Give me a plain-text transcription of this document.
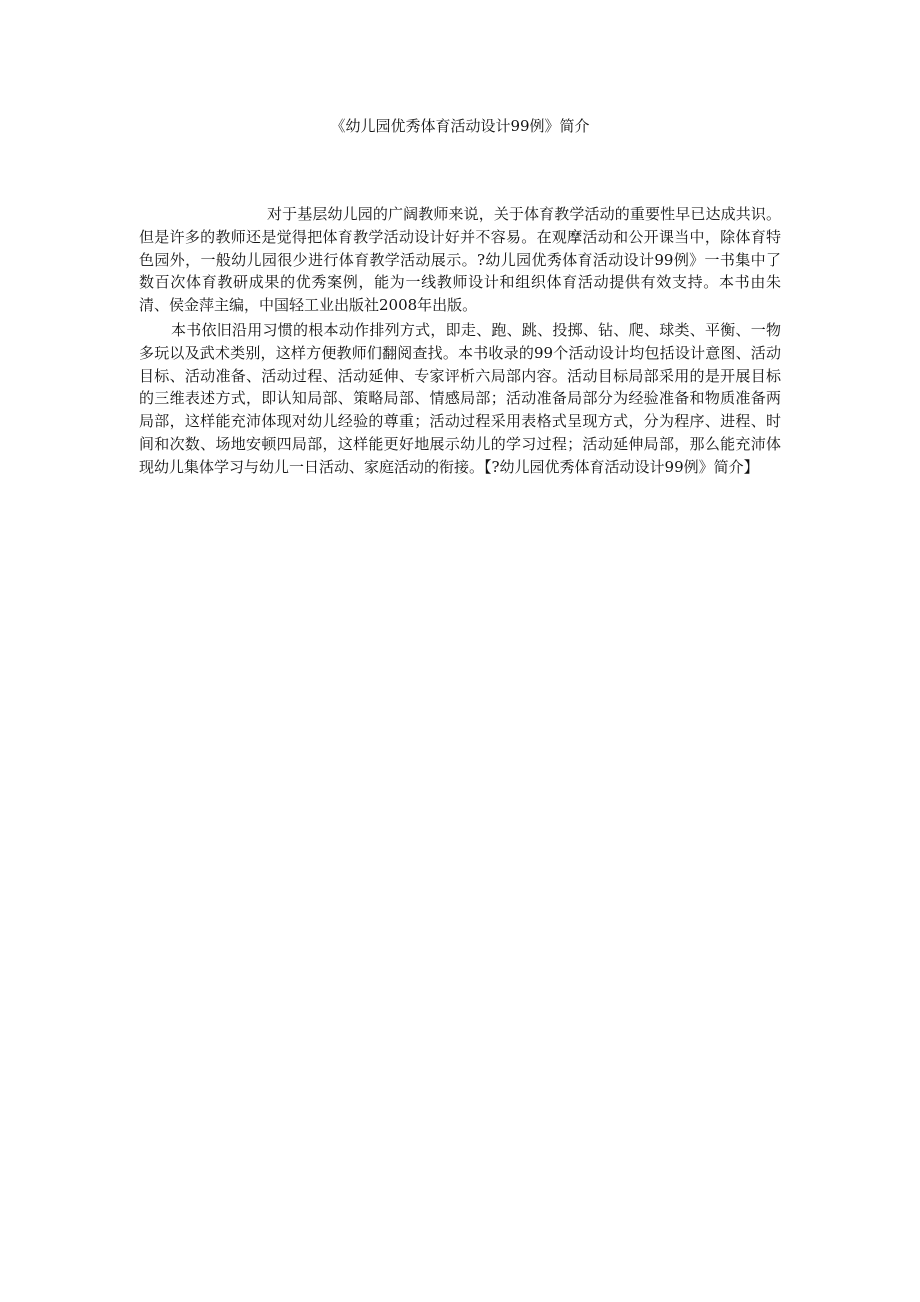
《幼儿园优秀体育活动设计99例》简介

对于基层幼儿园的广阔教师来说，关于体育教学活动的重要性早已达成共识。但是许多的教师还是觉得把体育教学活动设计好并不容易。在观摩活动和公开课当中，除体育特色园外，一般幼儿园很少进行体育教学活动展示。?幼儿园优秀体育活动设计99例》一书集中了数百次体育教研成果的优秀案例，能为一线教师设计和组织体育活动提供有效支持。本书由朱清、侯金萍主编，中国轻工业出版社2008年出版。

本书依旧沿用习惯的根本动作排列方式，即走、跑、跳、投掷、钻、爬、球类、平衡、一物多玩以及武术类别，这样方便教师们翻阅查找。本书收录的99个活动设计均包括设计意图、活动目标、活动准备、活动过程、活动延伸、专家评析六局部内容。活动目标局部采用的是开展目标的三维表述方式，即认知局部、策略局部、情感局部；活动准备局部分为经验准备和物质准备两局部，这样能充沛体现对幼儿经验的尊重；活动过程采用表格式呈现方式，分为程序、进程、时间和次数、场地安顿四局部，这样能更好地展示幼儿的学习过程；活动延伸局部，那么能充沛体现幼儿集体学习与幼儿一日活动、家庭活动的衔接。【?幼儿园优秀体育活动设计99例》简介】
